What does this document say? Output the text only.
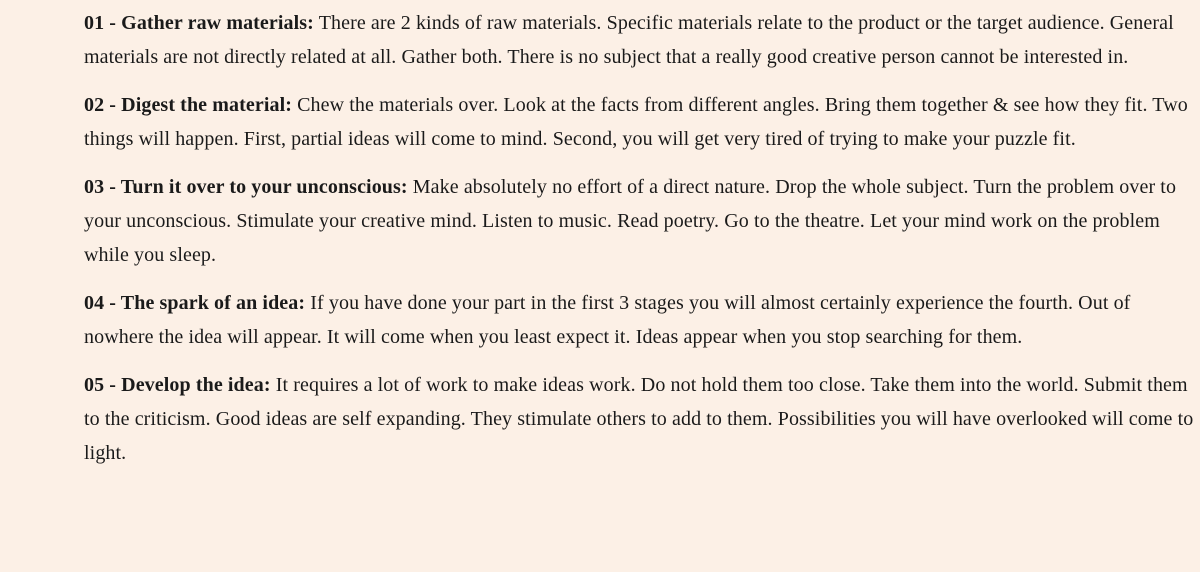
01 - Gather raw materials: There are 2 kinds of raw materials. Specific materials relate to the product or the target audience. General materials are not directly related at all. Gather both. There is no subject that a really good creative person cannot be interested in.

02 - Digest the material: Chew the materials over. Look at the facts from different angles. Bring them together & see how they fit. Two things will happen. First, partial ideas will come to mind. Second, you will get very tired of trying to make your puzzle fit.

03 - Turn it over to your unconscious: Make absolutely no effort of a direct nature. Drop the whole subject. Turn the problem over to your unconscious. Stimulate your creative mind. Listen to music. Read poetry. Go to the theatre. Let your mind work on the problem while you sleep.

04 - The spark of an idea: If you have done your part in the first 3 stages you will almost certainly experience the fourth. Out of nowhere the idea will appear. It will come when you least expect it. Ideas appear when you stop searching for them.

05 - Develop the idea: It requires a lot of work to make ideas work. Do not hold them too close. Take them into the world. Submit them to the criticism. Good ideas are self expanding. They stimulate others to add to them. Possibilities you will have overlooked will come to light.
